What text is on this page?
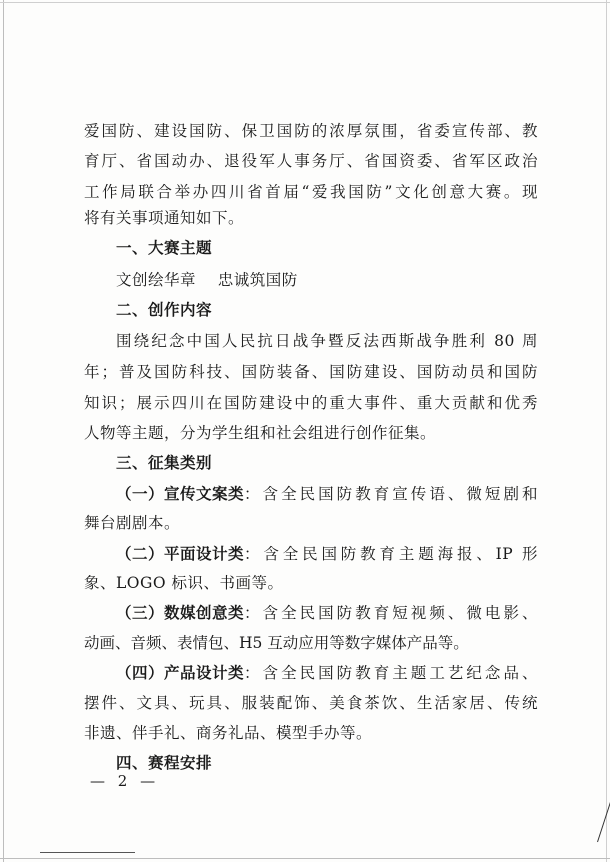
爱国防、建设国防、保卫国防的浓厚氛围，省委宣传部、教
育厅、省国动办、退役军人事务厅、省国资委、省军区政治
工作局联合举办四川省首届“爱我国防”文化创意大赛。现
将有关事项通知如下。
一、大赛主题
文创绘华章    忠诚筑国防
二、创作内容
围绕纪念中国人民抗日战争暨反法西斯战争胜利 80 周
年；普及国防科技、国防装备、国防建设、国防动员和国防
知识；展示四川在国防建设中的重大事件、重大贡献和优秀
人物等主题，分为学生组和社会组进行创作征集。
三、征集类别
（一）宣传文案类 ：含全民国防教育宣传语、微短剧和
舞台剧剧本。
（二）平面设计类 ：含全民国防教育主题海报、IP 形
象、LOGO 标识、书画等。
（三）数媒创意类 ：含全民国防教育短视频、微电影、
动画、音频、表情包、H5 互动应用等数字媒体产品等。
（四）产品设计类 ：含全民国防教育主题工艺纪念品、
摆件、文具、玩具、服装配饰、美食茶饮、生活家居、传统
非遗、伴手礼、商务礼品、模型手办等。
四、赛程安排
— 2 —
